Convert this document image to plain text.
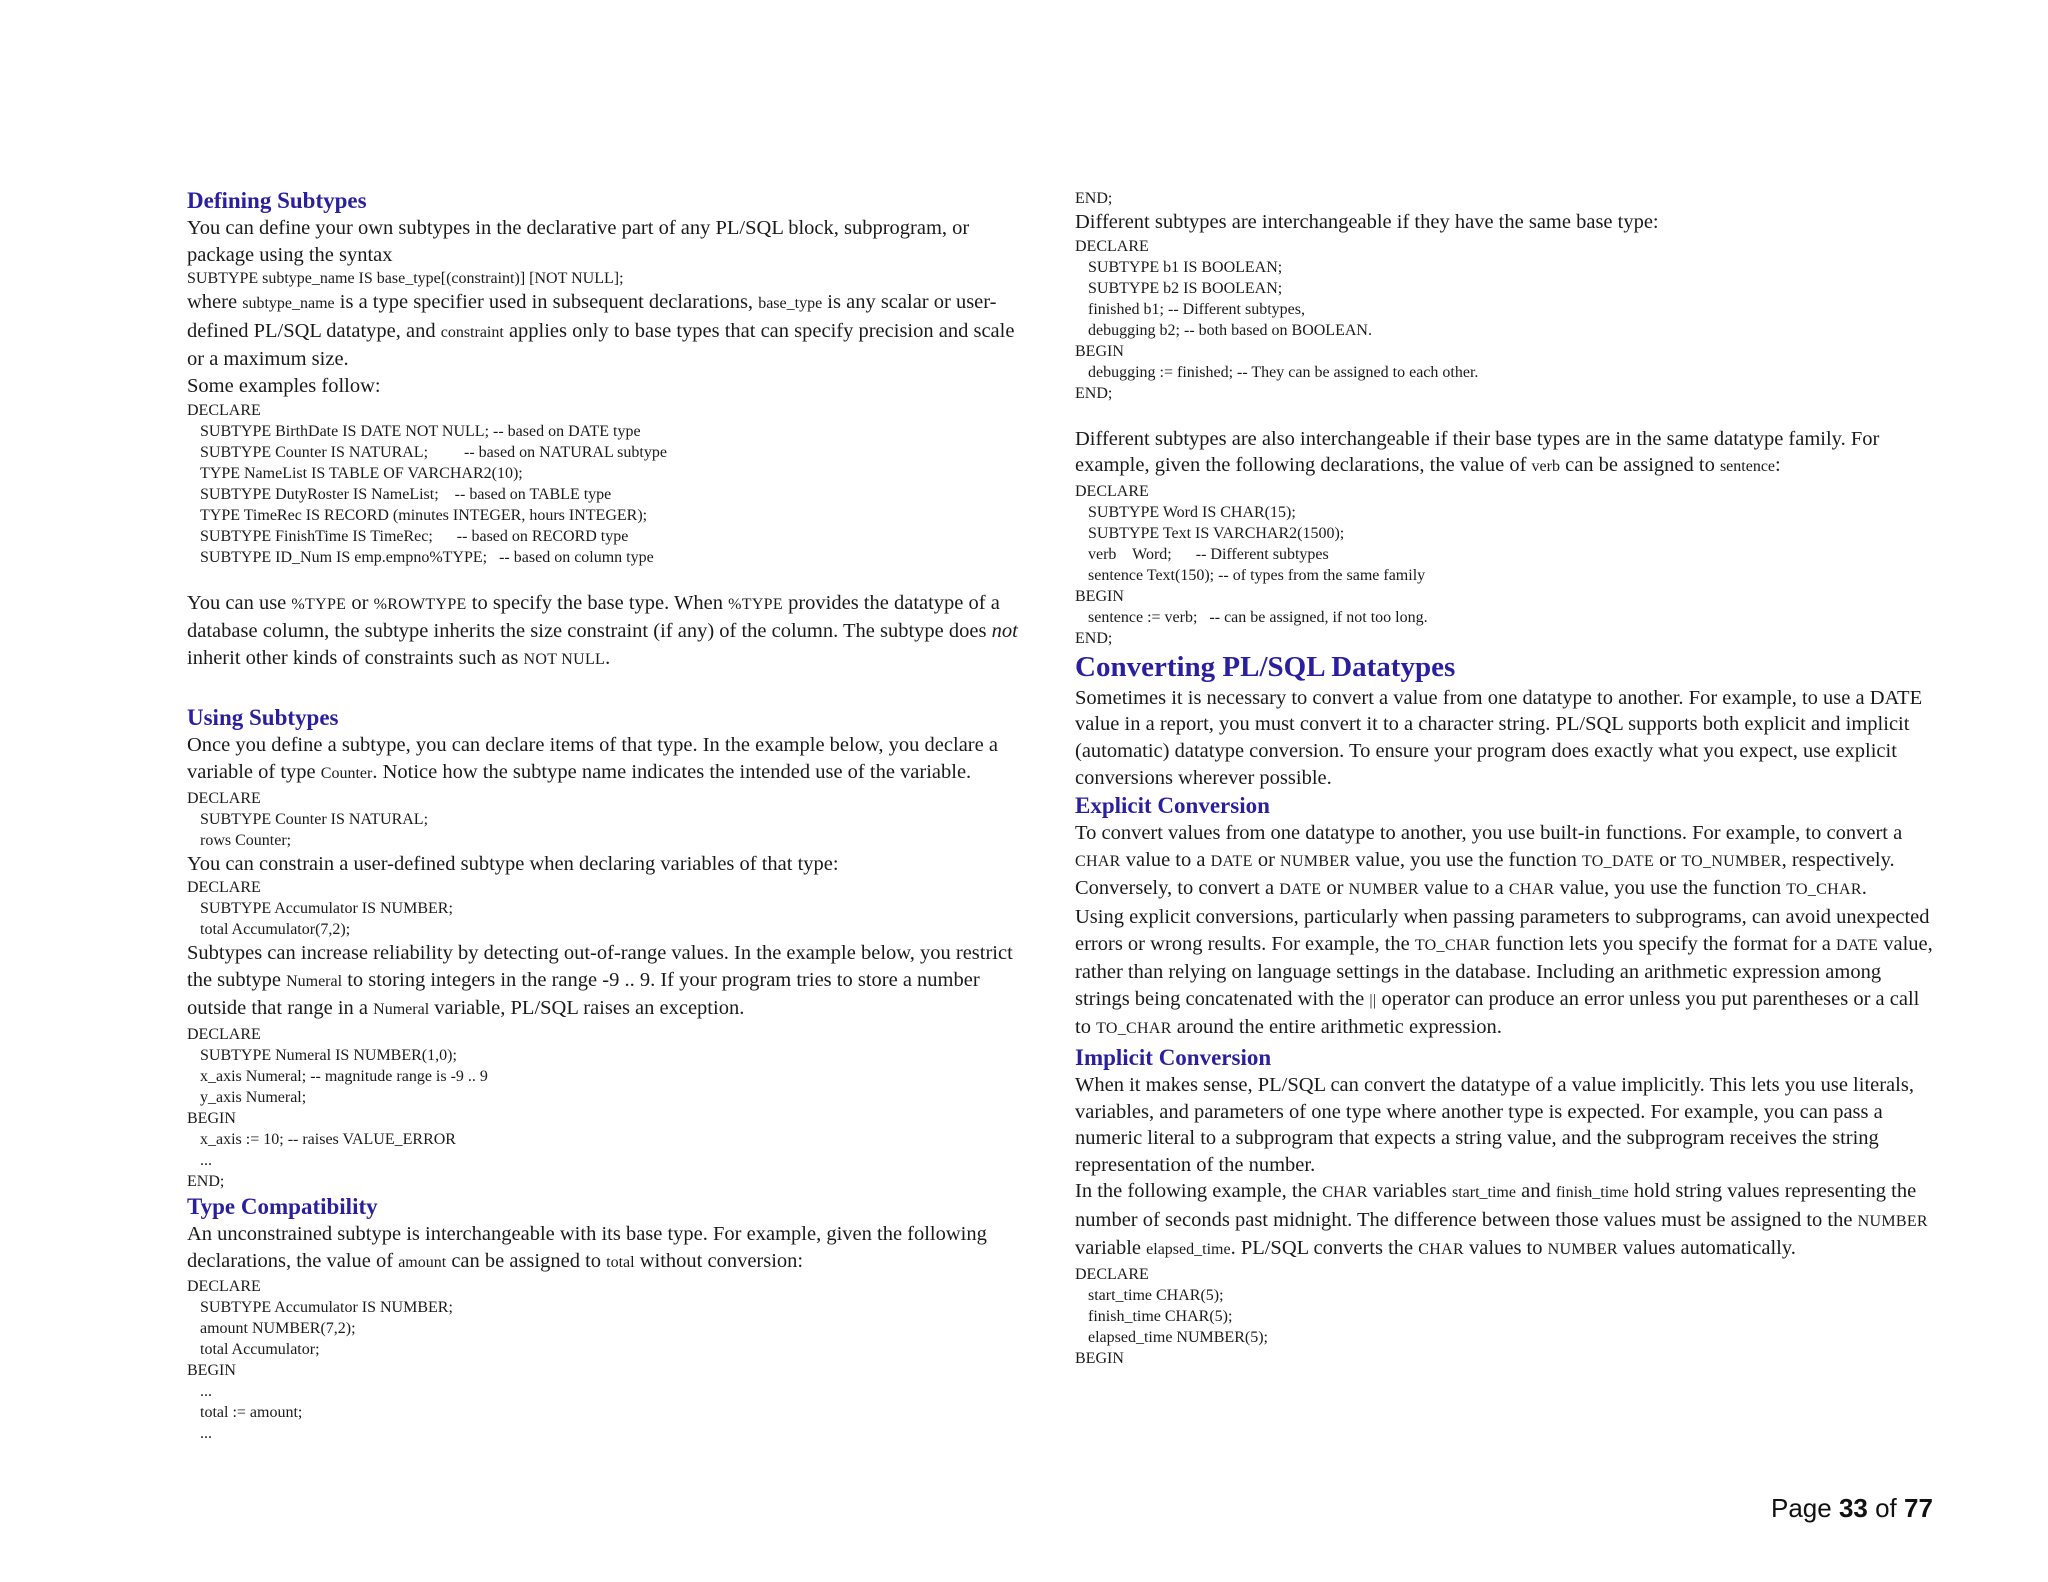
Defining Subtypes
You can define your own subtypes in the declarative part of any PL/SQL block, subprogram, or package using the syntax
SUBTYPE subtype_name IS base_type[(constraint)] [NOT NULL];
where subtype_name is a type specifier used in subsequent declarations, base_type is any scalar or user-defined PL/SQL datatype, and constraint applies only to base types that can specify precision and scale or a maximum size.
Some examples follow:
DECLARE
SUBTYPE BirthDate IS DATE NOT NULL; -- based on DATE type
SUBTYPE Counter IS NATURAL;         -- based on NATURAL subtype
TYPE NameList IS TABLE OF VARCHAR2(10);
SUBTYPE DutyRoster IS NameList;    -- based on TABLE type
TYPE TimeRec IS RECORD (minutes INTEGER, hours INTEGER);
SUBTYPE FinishTime IS TimeRec;      -- based on RECORD type
SUBTYPE ID_Num IS emp.empno%TYPE;   -- based on column type
You can use %TYPE or %ROWTYPE to specify the base type. When %TYPE provides the datatype of a database column, the subtype inherits the size constraint (if any) of the column. The subtype does not inherit other kinds of constraints such as NOT NULL.
Using Subtypes
Once you define a subtype, you can declare items of that type. In the example below, you declare a variable of type Counter. Notice how the subtype name indicates the intended use of the variable.
DECLARE
SUBTYPE Counter IS NATURAL;
rows Counter;
You can constrain a user-defined subtype when declaring variables of that type:
DECLARE
SUBTYPE Accumulator IS NUMBER;
total Accumulator(7,2);
Subtypes can increase reliability by detecting out-of-range values. In the example below, you restrict the subtype Numeral to storing integers in the range -9 .. 9. If your program tries to store a number outside that range in a Numeral variable, PL/SQL raises an exception.
DECLARE
SUBTYPE Numeral IS NUMBER(1,0);
x_axis Numeral; -- magnitude range is -9 .. 9
y_axis Numeral;
BEGIN
x_axis := 10; -- raises VALUE_ERROR
...
END;
Type Compatibility
An unconstrained subtype is interchangeable with its base type. For example, given the following declarations, the value of amount can be assigned to total without conversion:
DECLARE
SUBTYPE Accumulator IS NUMBER;
amount NUMBER(7,2);
total Accumulator;
BEGIN
...
total := amount;
...
END;
Different subtypes are interchangeable if they have the same base type:
DECLARE
SUBTYPE b1 IS BOOLEAN;
SUBTYPE b2 IS BOOLEAN;
finished b1; -- Different subtypes,
debugging b2; -- both based on BOOLEAN.
BEGIN
debugging := finished; -- They can be assigned to each other.
END;
Different subtypes are also interchangeable if their base types are in the same datatype family. For example, given the following declarations, the value of verb can be assigned to sentence:
DECLARE
SUBTYPE Word IS CHAR(15);
SUBTYPE Text IS VARCHAR2(1500);
verb    Word;      -- Different subtypes
sentence Text(150); -- of types from the same family
BEGIN
sentence := verb;   -- can be assigned, if not too long.
END;
Converting PL/SQL Datatypes
Sometimes it is necessary to convert a value from one datatype to another. For example, to use a DATE value in a report, you must convert it to a character string. PL/SQL supports both explicit and implicit (automatic) datatype conversion. To ensure your program does exactly what you expect, use explicit conversions wherever possible.
Explicit Conversion
To convert values from one datatype to another, you use built-in functions. For example, to convert a CHAR value to a DATE or NUMBER value, you use the function TO_DATE or TO_NUMBER, respectively. Conversely, to convert a DATE or NUMBER value to a CHAR value, you use the function TO_CHAR.
Using explicit conversions, particularly when passing parameters to subprograms, can avoid unexpected errors or wrong results. For example, the TO_CHAR function lets you specify the format for a DATE value, rather than relying on language settings in the database. Including an arithmetic expression among strings being concatenated with the || operator can produce an error unless you put parentheses or a call to TO_CHAR around the entire arithmetic expression.
Implicit Conversion
When it makes sense, PL/SQL can convert the datatype of a value implicitly. This lets you use literals, variables, and parameters of one type where another type is expected. For example, you can pass a numeric literal to a subprogram that expects a string value, and the subprogram receives the string representation of the number.
In the following example, the CHAR variables start_time and finish_time hold string values representing the number of seconds past midnight. The difference between those values must be assigned to the NUMBER variable elapsed_time. PL/SQL converts the CHAR values to NUMBER values automatically.
DECLARE
start_time CHAR(5);
finish_time CHAR(5);
elapsed_time NUMBER(5);
BEGIN
Page 33 of 77
